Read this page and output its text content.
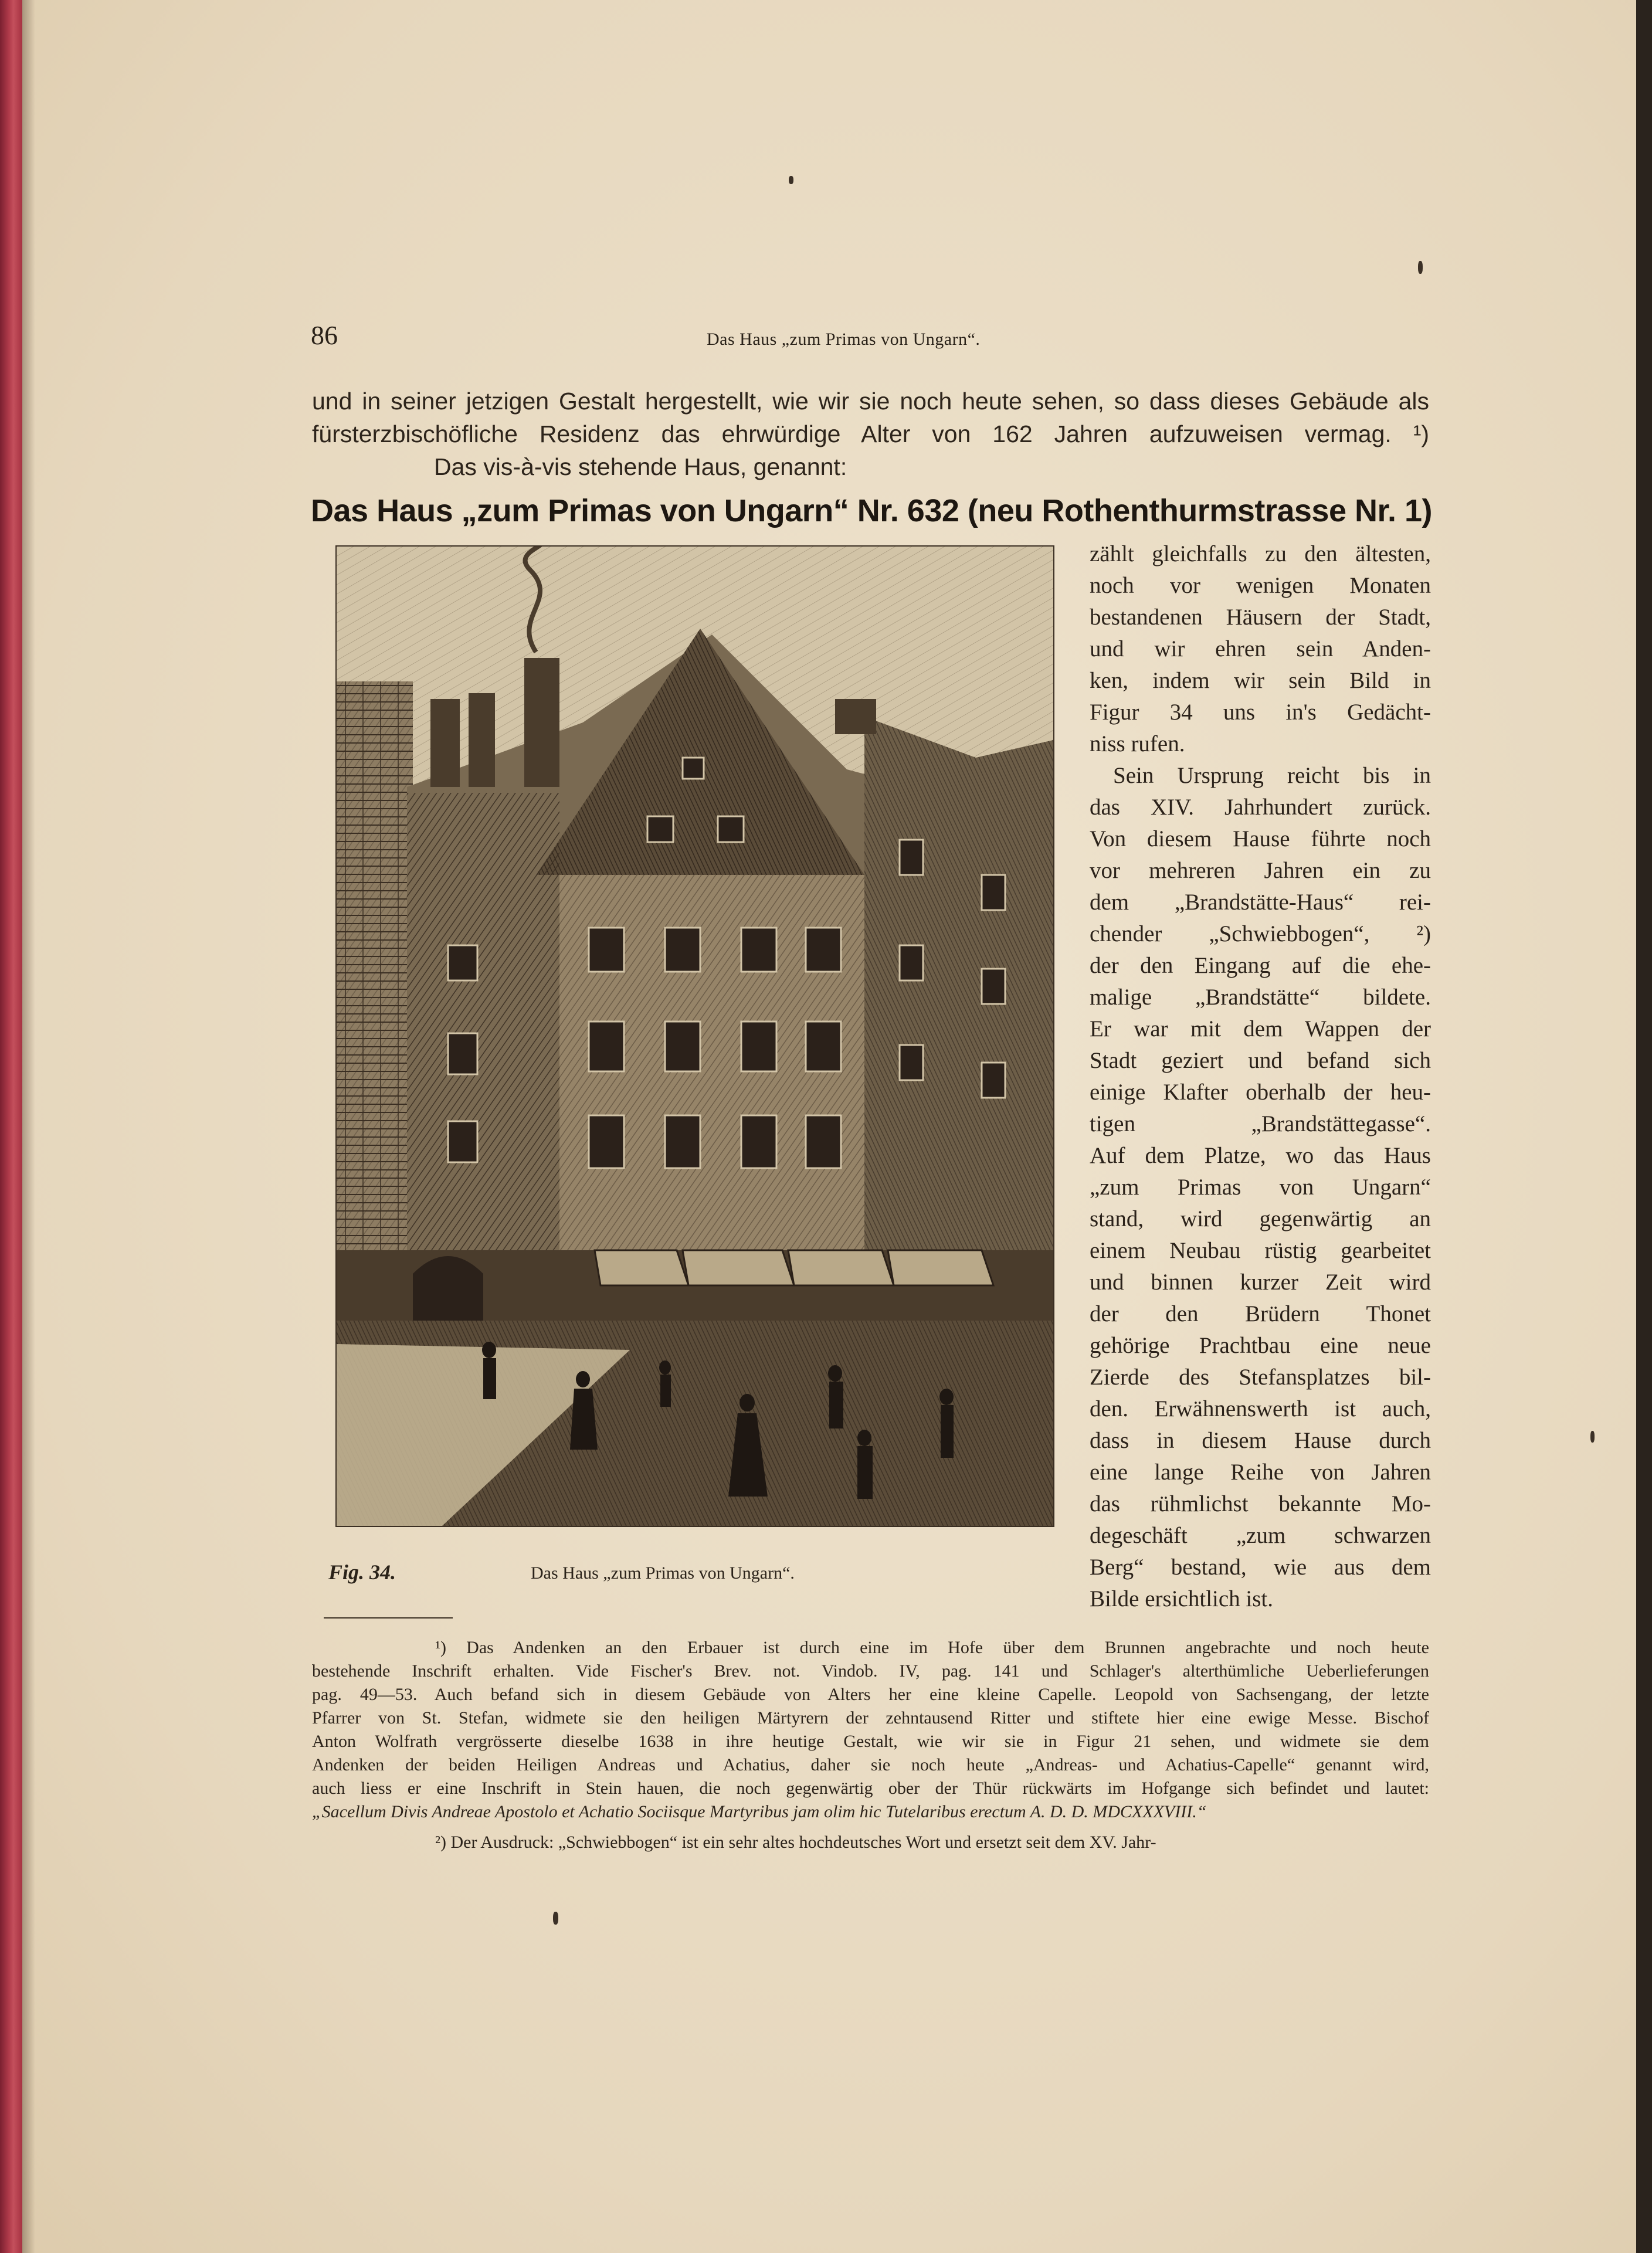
86	Das Haus „zum Primas von Ungarn“.
und in seiner jetzigen Gestalt hergestellt, wie wir sie noch heute sehen, so dass dieses Gebäude als
fürsterzbischöfliche Residenz das ehrwürdige Alter von 162 Jahren aufzuweisen vermag. ¹)
Das vis-à-vis stehende Haus, genannt:
Das Haus „zum Primas von Ungarn“ Nr. 632 (neu Rothenthurmstrasse Nr. 1)
zählt gleichfalls zu den ältesten,
noch vor wenigen Monaten
bestandenen Häusern der Stadt,
und wir ehren sein Anden-
ken, indem wir sein Bild in
Figur 34 uns in's Gedächt-
niss rufen.
Sein Ursprung reicht bis in
das XIV. Jahrhundert zurück.
Von diesem Hause führte noch
vor mehreren Jahren ein zu
dem „Brandstätte-Haus“ rei-
chender „Schwiebbogen“, ²)
der den Eingang auf die ehe-
malige „Brandstätte“ bildete.
Er war mit dem Wappen der
Stadt geziert und befand sich
einige Klafter oberhalb der heu-
tigen „Brandstättegasse“.
Auf dem Platze, wo das Haus
„zum Primas von Ungarn“
stand, wird gegenwärtig an
einem Neubau rüstig gearbeitet
und binnen kurzer Zeit wird
der den Brüdern Thonet
gehörige Prachtbau eine neue
Zierde des Stefansplatzes bil-
den. Erwähnenswerth ist auch,
dass in diesem Hause durch
eine lange Reihe von Jahren
das rühmlichst bekannte Mo-
degeschäft „zum schwarzen
Berg“ bestand, wie aus dem
Bilde ersichtlich ist.
Fig. 34.	Das Haus „zum Primas von Ungarn“.
¹) Das Andenken an den Erbauer ist durch eine im Hofe über dem Brunnen angebrachte und noch heute
bestehende Inschrift erhalten. Vide Fischer's Brev. not. Vindob. IV, pag. 141 und Schlager's alterthümliche Ueberlieferungen
pag. 49—53. Auch befand sich in diesem Gebäude von Alters her eine kleine Capelle. Leopold von Sachsengang, der letzte
Pfarrer von St. Stefan, widmete sie den heiligen Märtyrern der zehntausend Ritter und stiftete hier eine ewige Messe. Bischof
Anton Wolfrath vergrösserte dieselbe 1638 in ihre heutige Gestalt, wie wir sie in Figur 21 sehen, und widmete sie dem
Andenken der beiden Heiligen Andreas und Achatius, daher sie noch heute „Andreas- und Achatius-Capelle“ genannt wird,
auch liess er eine Inschrift in Stein hauen, die noch gegenwärtig ober der Thür rückwärts im Hofgange sich befindet und lautet:
„Sacellum Divis Andreae Apostolo et Achatio Sociisque Martyribus jam olim hic Tutelaribus erectum A. D. D. MDCXXXVIII.“
²) Der Ausdruck: „Schwiebbogen“ ist ein sehr altes hochdeutsches Wort und ersetzt seit dem XV. Jahr-
